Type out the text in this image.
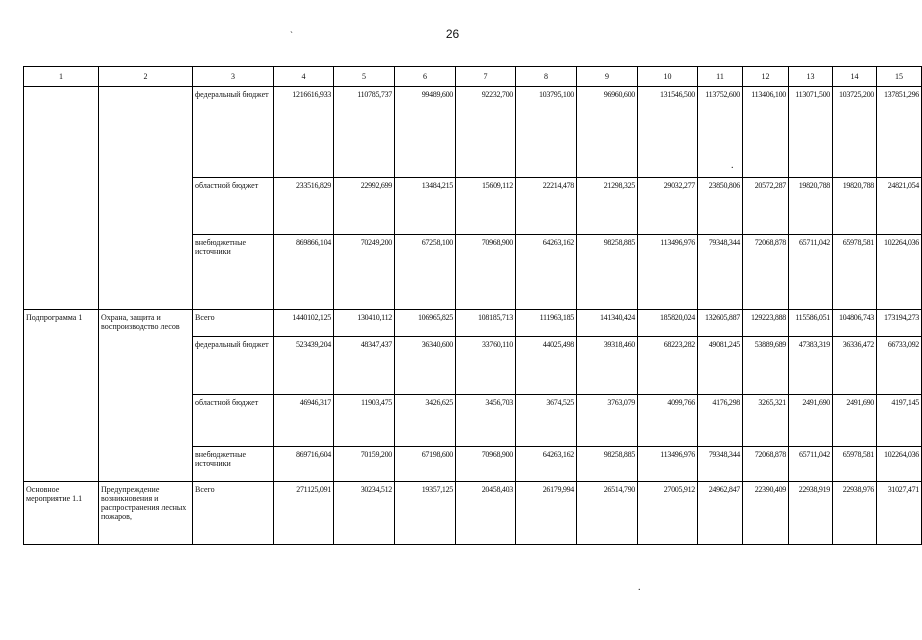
26
`
.
.
1	2	3	4	5	6	7	8	9	10	11	12	13	14	15
		федеральный бюджет	1216616,933	110785,737	99489,600	92232,700	103795,100	96960,600	131546,500	113752,600	113406,100	113071,500	103725,200	137851,296
		областной бюджет	233516,829	22992,699	13484,215	15609,112	22214,478	21298,325	29032,277	23850,806	20572,287	19820,788	19820,788	24821,054
		внебюджетные источники	869866,104	70249,200	67258,100	70968,900	64263,162	98258,885	113496,976	79348,344	72068,878	65711,042	65978,581	102264,036
Подпрограмма 1	Охрана, защита и воспроизводство лесов	Всего	1440102,125	130410,112	106965,825	108185,713	111963,185	141340,424	185820,024	132605,887	129223,888	115586,051	104806,743	173194,273
		федеральный бюджет	523439,204	48347,437	36340,600	33760,110	44025,498	39318,460	68223,282	49081,245	53889,689	47383,319	36336,472	66733,092
		областной бюджет	46946,317	11903,475	3426,625	3456,703	3674,525	3763,079	4099,766	4176,298	3265,321	2491,690	2491,690	4197,145
		внебюджетные источники	869716,604	70159,200	67198,600	70968,900	64263,162	98258,885	113496,976	79348,344	72068,878	65711,042	65978,581	102264,036
Основное мероприятие 1.1	Предупреждение возникновения и распространения лесных пожаров,	Всего	271125,091	30234,512	19357,125	20458,403	26179,994	26514,790	27005,912	24962,847	22390,409	22938,919	22938,976	31027,471
